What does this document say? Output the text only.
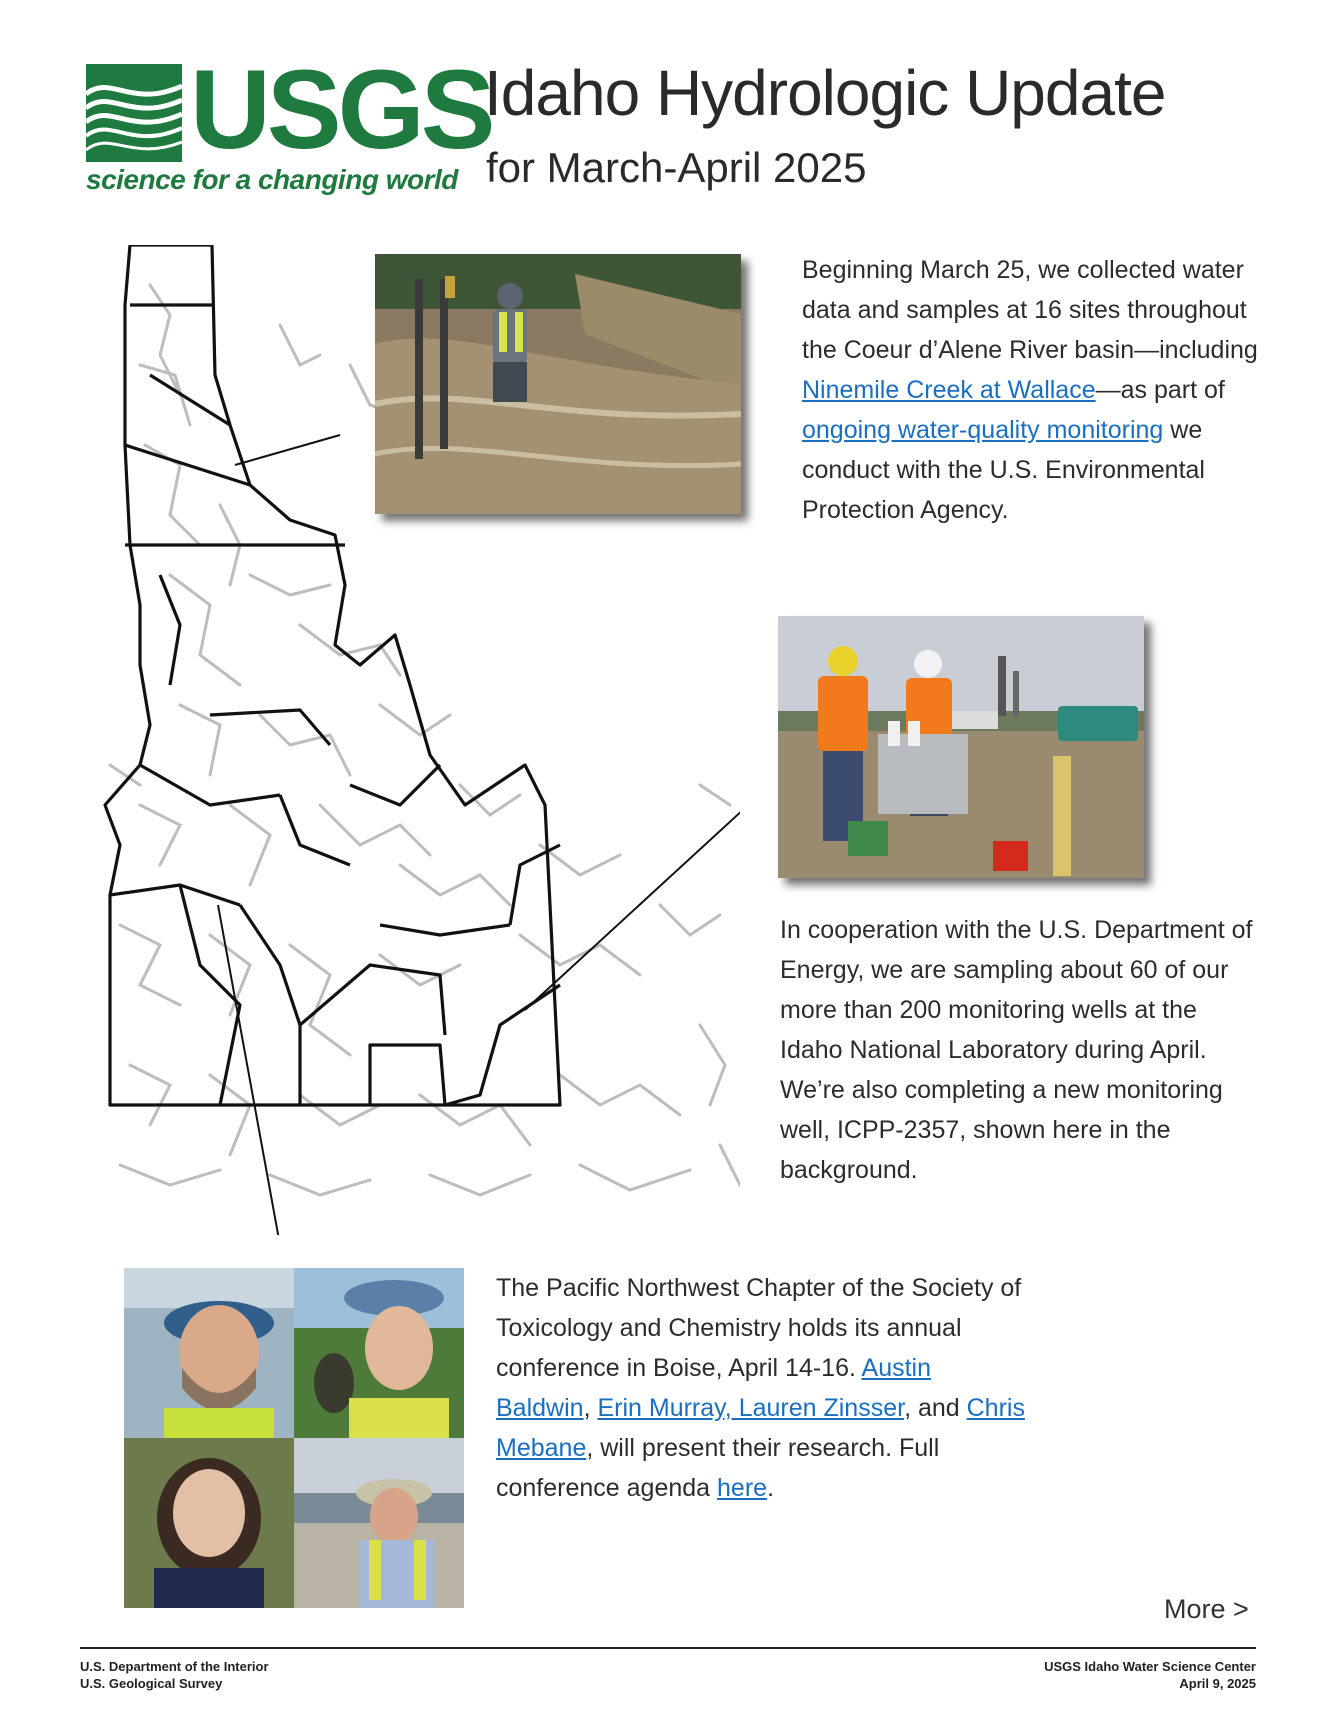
USGS
science for a changing world
Idaho Hydrologic Update
for March-April 2025
Beginning March 25, we collected water data and samples at 16 sites throughout the Coeur d’Alene River basin—including Ninemile Creek at Wallace—as part of ongoing water-quality monitoring we conduct with the U.S. Environmental Protection Agency.
In cooperation with the U.S. Department of Energy, we are sampling about 60 of our more than 200 monitoring wells at the Idaho National Laboratory during April. We’re also completing a new monitoring well, ICPP-2357, shown here in the background.
The Pacific Northwest Chapter of the Society of Toxicology and Chemistry holds its annual conference in Boise, April 14-16. Austin Baldwin, Erin Murray, Lauren Zinsser, and Chris Mebane, will present their research. Full conference agenda here.
More >
U.S. Department of the Interior
U.S. Geological Survey
USGS Idaho Water Science Center
April 9, 2025
